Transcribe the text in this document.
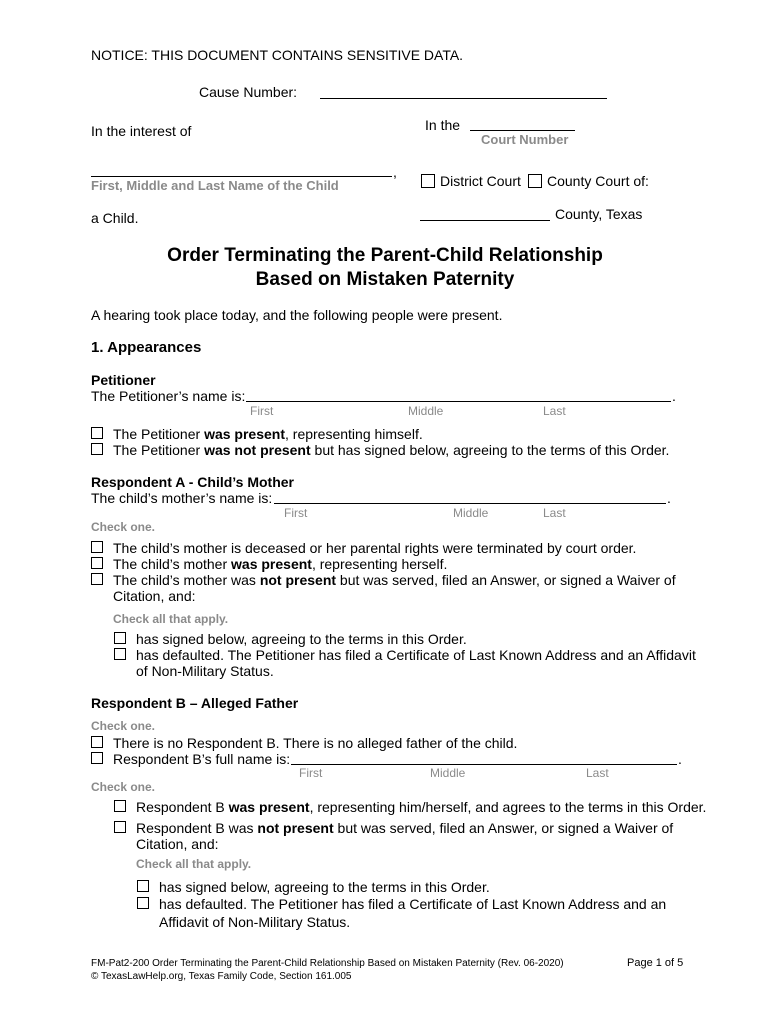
NOTICE: THIS DOCUMENT CONTAINS SENSITIVE DATA.
Cause Number:
In the interest of	In the
Court Number
,
First, Middle and Last Name of the Child	District Court County Court of:
a Child.	County, Texas
Order Terminating the Parent-Child Relationship
Based on Mistaken Paternity
A hearing took place today, and the following people were present.
1. Appearances
Petitioner
The Petitioner’s name is:	.
First	Middle	Last
The Petitioner was present, representing himself.
The Petitioner was not present but has signed below, agreeing to the terms of this Order.
Respondent A - Child’s Mother
The child’s mother’s name is:	.
First	Middle	Last
Check one.
The child’s mother is deceased or her parental rights were terminated by court order.
The child’s mother was present, representing herself.
The child’s mother was not present but was served, filed an Answer, or signed a Waiver of
Citation, and:
Check all that apply.
has signed below, agreeing to the terms in this Order.
has defaulted. The Petitioner has filed a Certificate of Last Known Address and an Affidavit
of Non-Military Status.
Respondent B – Alleged Father
Check one.
There is no Respondent B. There is no alleged father of the child.
Respondent B’s full name is:	.
First	Middle	Last
Check one.
Respondent B was present, representing him/herself, and agrees to the terms in this Order.
Respondent B was not present but was served, filed an Answer, or signed a Waiver of
Citation, and:
Check all that apply.
has signed below, agreeing to the terms in this Order.
has defaulted. The Petitioner has filed a Certificate of Last Known Address and an
Affidavit of Non-Military Status.
FM-Pat2-200 Order Terminating the Parent-Child Relationship Based on Mistaken Paternity (Rev. 06-2020)
© TexasLawHelp.org, Texas Family Code, Section 161.005
Page 1 of 5
